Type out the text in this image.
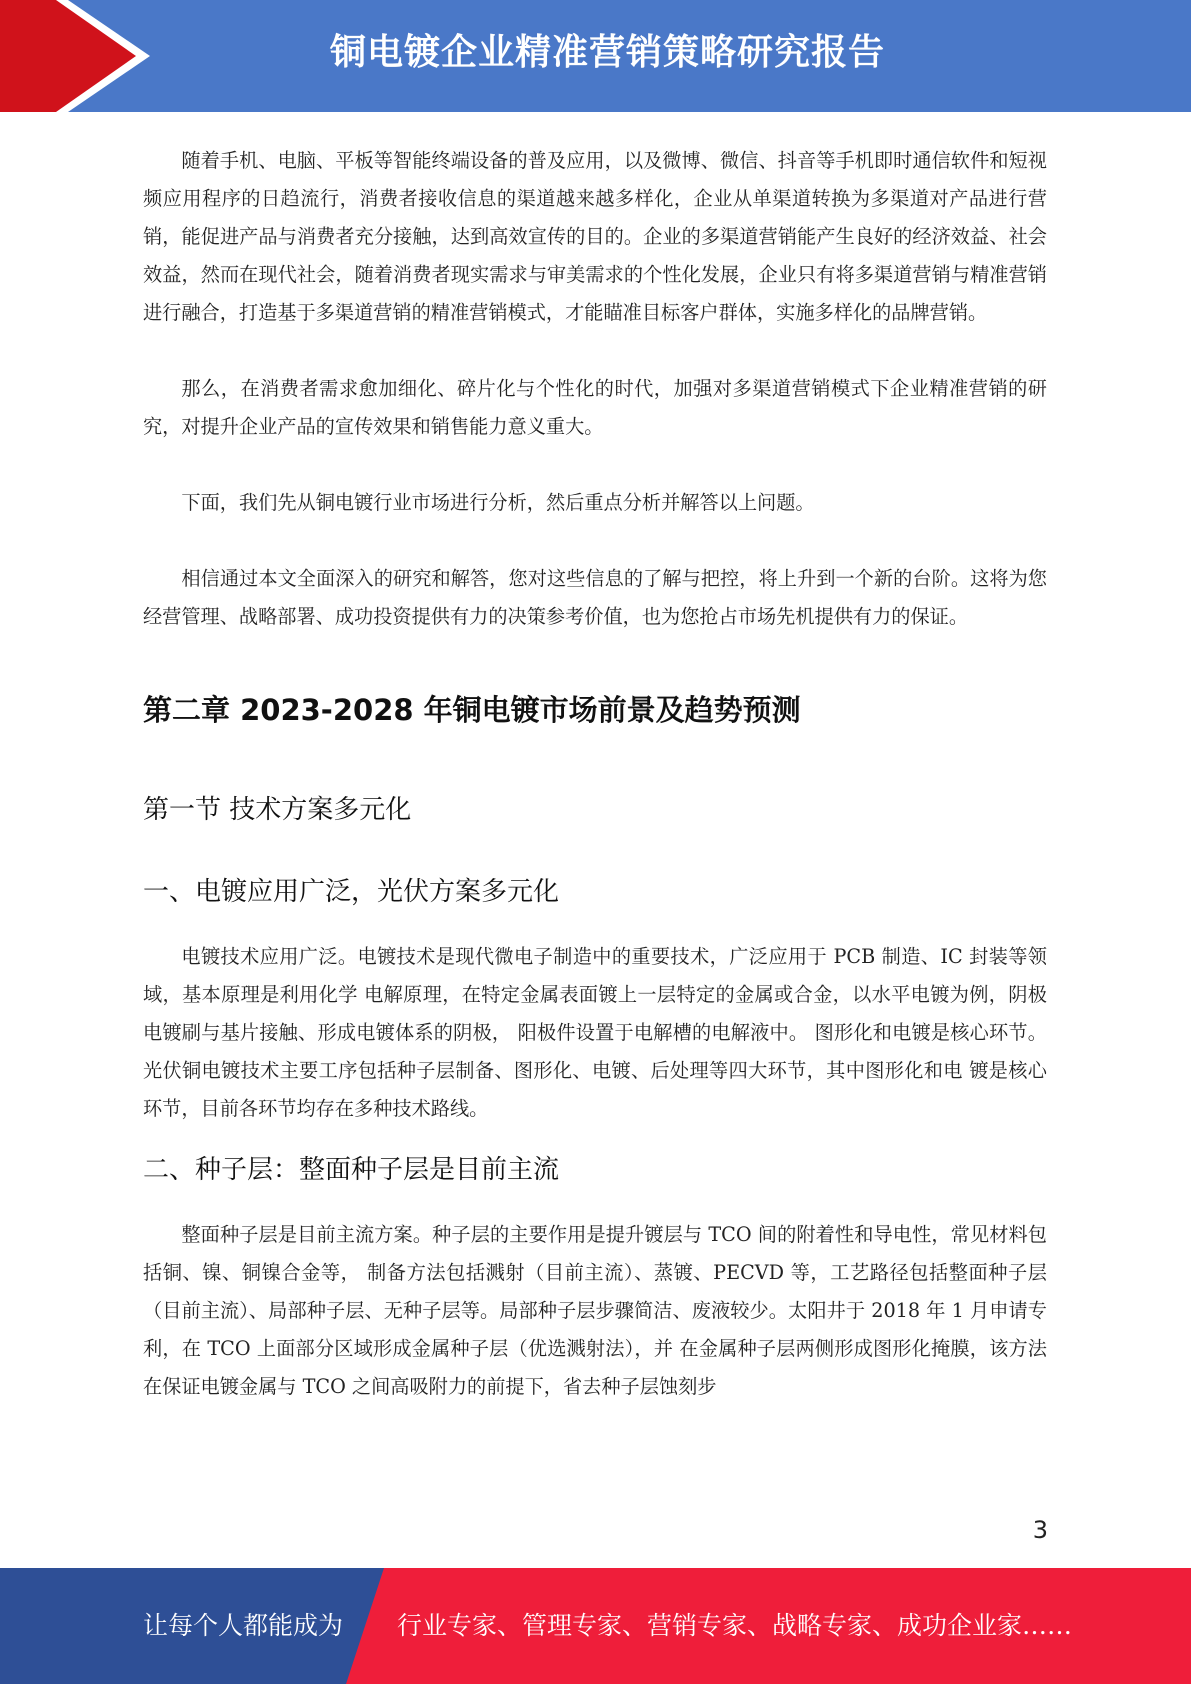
铜电镀企业精准营销策略研究报告

随着手机、电脑、平板等智能终端设备的普及应用，以及微博、微信、抖音等手机即时通信软件和短视频应用程序的日趋流行，消费者接收信息的渠道越来越多样化，企业从单渠道转换为多渠道对产品进行营销，能促进产品与消费者充分接触，达到高效宣传的目的。企业的多渠道营销能产生良好的经济效益、社会效益，然而在现代社会，随着消费者现实需求与审美需求的个性化发展，企业只有将多渠道营销与精准营销进行融合，打造基于多渠道营销的精准营销模式，才能瞄准目标客户群体，实施多样化的品牌营销。

那么，在消费者需求愈加细化、碎片化与个性化的时代，加强对多渠道营销模式下企业精准营销的研究，对提升企业产品的宣传效果和销售能力意义重大。

下面，我们先从铜电镀行业市场进行分析，然后重点分析并解答以上问题。

相信通过本文全面深入的研究和解答，您对这些信息的了解与把控，将上升到一个新的台阶。这将为您经营管理、战略部署、成功投资提供有力的决策参考价值，也为您抢占市场先机提供有力的保证。

第二章 2023-2028 年铜电镀市场前景及趋势预测
第一节 技术方案多元化
一、电镀应用广泛，光伏方案多元化

电镀技术应用广泛。电镀技术是现代微电子制造中的重要技术，广泛应用于 PCB 制造、IC 封装等领域，基本原理是利用化学 电解原理，在特定金属表面镀上一层特定的金属或合金，以水平电镀为例，阴极电镀刷与基片接触、形成电镀体系的阴极， 阳极件设置于电解槽的电解液中。 图形化和电镀是核心环节。光伏铜电镀技术主要工序包括种子层制备、图形化、电镀、后处理等四大环节，其中图形化和电 镀是核心环节，目前各环节均存在多种技术路线。

二、种子层：整面种子层是目前主流

整面种子层是目前主流方案。种子层的主要作用是提升镀层与 TCO 间的附着性和导电性，常见材料包括铜、镍、铜镍合金等， 制备方法包括溅射（目前主流）、蒸镀、PECVD 等，工艺路径包括整面种子层（目前主流）、局部种子层、无种子层等。局部种子层步骤简洁、废液较少。太阳井于 2018 年 1 月申请专利，在 TCO 上面部分区域形成金属种子层（优选溅射法），并 在金属种子层两侧形成图形化掩膜，该方法在保证电镀金属与 TCO 之间高吸附力的前提下，省去种子层蚀刻步

3
让每个人都能成为 行业专家、管理专家、营销专家、战略专家、成功企业家……
